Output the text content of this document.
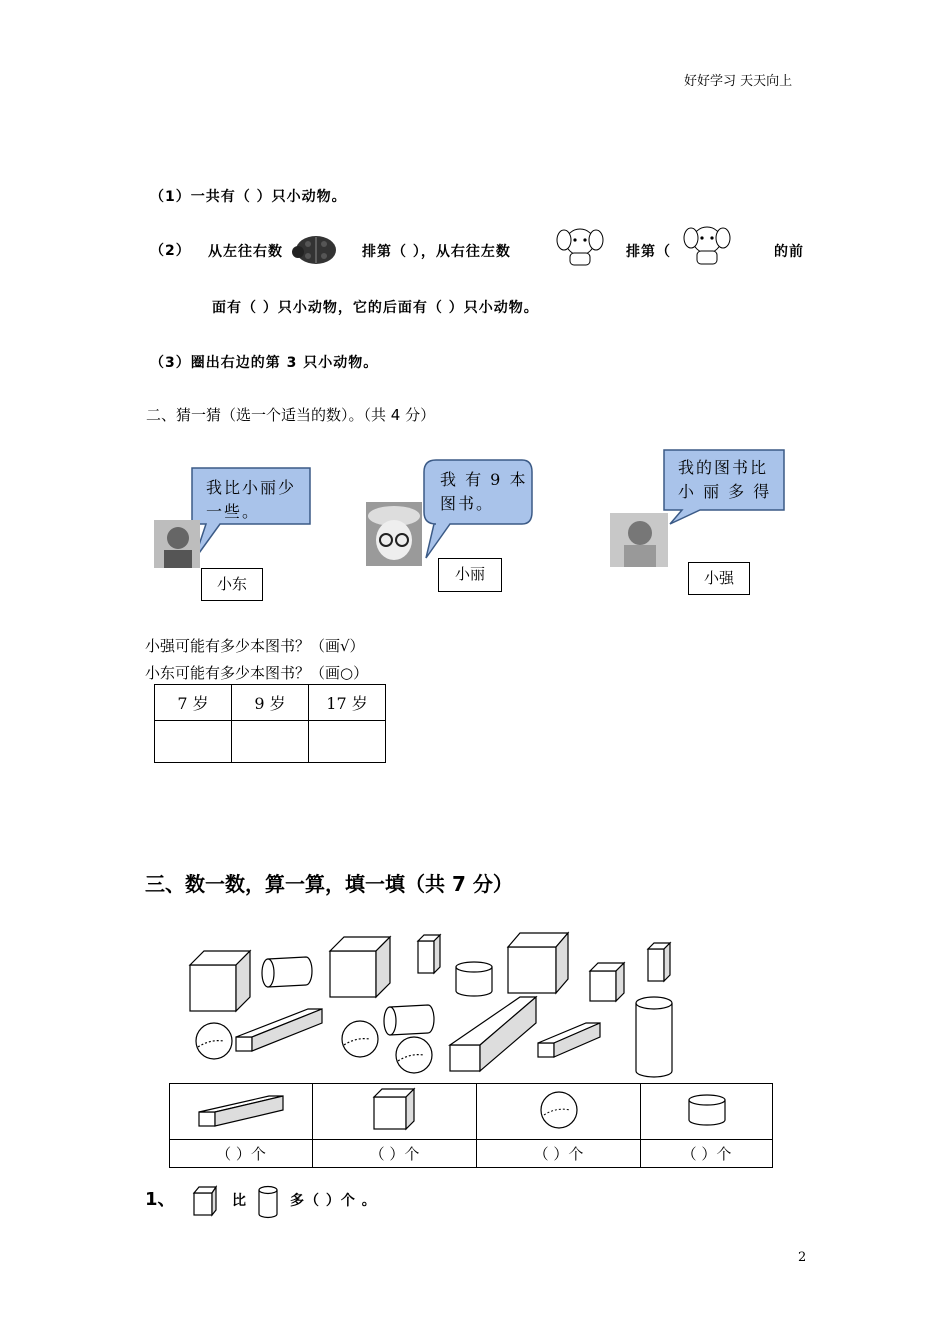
好好学习 天天向上
（1）一共有（ ）只小动物。
（2） 从左往右数	排第（ ），从右往左数	排第（	的前
面有（ ）只小动物，它的后面有（ ）只小动物。
（3）圈出右边的第 3 只小动物。
二、猜一猜（选一个适当的数）。（共 4 分）
我比小丽少
一些。
小东
我 有 9 本
图书。
小丽
我的图书比
小 丽 多 得
小强
小强可能有多少本图书？（画√）
小东可能有多少本图书？（画○）
7 岁	9 岁	17 岁

三、数一数，算一算，填一填（共 7 分）

（ ）个	（ ）个	（ ）个	（ ）个
1、	比	多（ ）个 。
2
